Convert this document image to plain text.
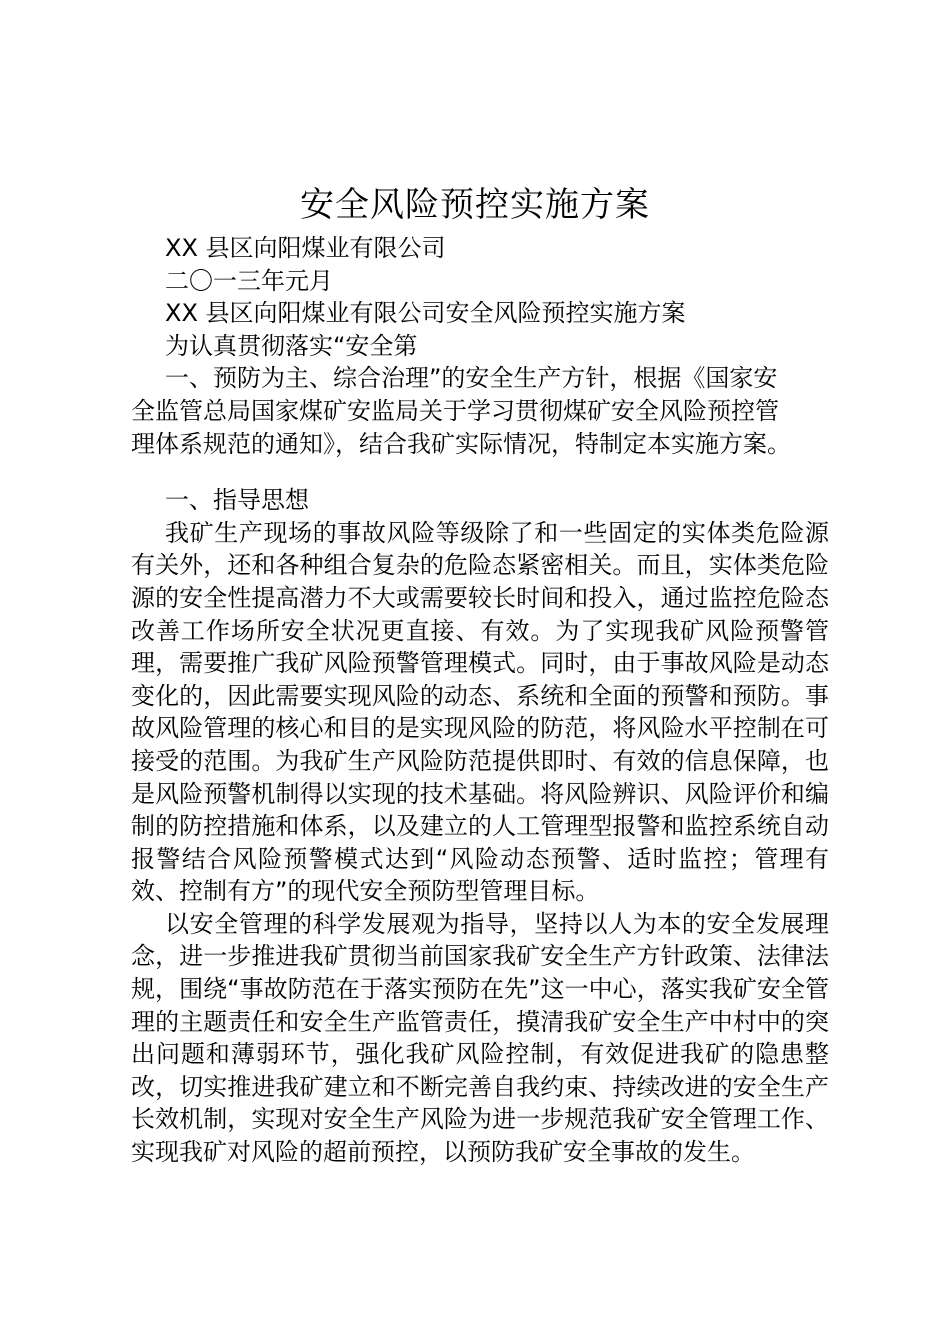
安全风险预控实施方案
XX 县区向阳煤业有限公司
二〇一三年元月
XX 县区向阳煤业有限公司安全风险预控实施方案
为认真贯彻落实“安全第
一、预防为主、综合治理”的安全生产方针，根据《国家安
全监管总局国家煤矿安监局关于学习贯彻煤矿安全风险预控管
理体系规范的通知》，结合我矿实际情况，特制定本实施方案。
一、指导思想

我矿生产现场的事故风险等级除了和一些固定的实体类危险源有关外，还和各种组合复杂的危险态紧密相关。而且，实体类危险源的安全性提高潜力不大或需要较长时间和投入，通过监控危险态改善工作场所安全状况更直接、有效。为了实现我矿风险预警管理，需要推广我矿风险预警管理模式。同时，由于事故风险是动态变化的，因此需要实现风险的动态、系统和全面的预警和预防。事故风险管理的核心和目的是实现风险的防范，将风险水平控制在可接受的范围。为我矿生产风险防范提供即时、有效的信息保障，也是风险预警机制得以实现的技术基础。将风险辨识、风险评价和编制的防控措施和体系，以及建立的人工管理型报警和监控系统自动报警结合风险预警模式达到“风险动态预警、适时监控；管理有效、控制有方”的现代安全预防型管理目标。

以安全管理的科学发展观为指导，坚持以人为本的安全发展理念，进一步推进我矿贯彻当前国家我矿安全生产方针政策、法律法规，围绕“事故防范在于落实预防在先”这一中心，落实我矿安全管理的主题责任和安全生产监管责任，摸清我矿安全生产中村中的突出问题和薄弱环节，强化我矿风险控制，有效促进我矿的隐患整改，切实推进我矿建立和不断完善自我约束、持续改进的安全生产长效机制，实现对安全生产风险为进一步规范我矿安全管理工作、实现我矿对风险的超前预控，以预防我矿安全事故的发生。
